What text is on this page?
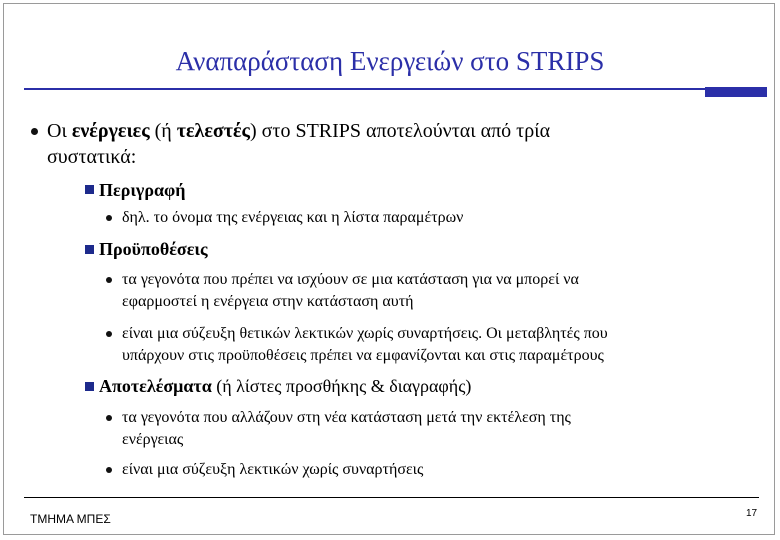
Αναπαράσταση Ενεργειών στο STRIPS
Οι ενέργειες (ή τελεστές) στο STRIPS αποτελούνται από τρία
συστατικά:
Περιγραφή
δηλ. το όνομα της ενέργειας και η λίστα παραμέτρων
Προϋποθέσεις
τα γεγονότα που πρέπει να ισχύουν σε μια κατάσταση για να μπορεί να
εφαρμοστεί η ενέργεια στην κατάσταση αυτή
είναι μια σύζευξη θετικών λεκτικών χωρίς συναρτήσεις. Οι μεταβλητές που
υπάρχουν στις προϋποθέσεις πρέπει να εμφανίζονται και στις παραμέτρους
Αποτελέσματα (ή λίστες προσθήκης & διαγραφής)
τα γεγονότα που αλλάζουν στη νέα κατάσταση μετά την εκτέλεση της
ενέργειας
είναι μια σύζευξη λεκτικών χωρίς συναρτήσεις
ΤΜΗΜΑ ΜΠΕΣ	17
